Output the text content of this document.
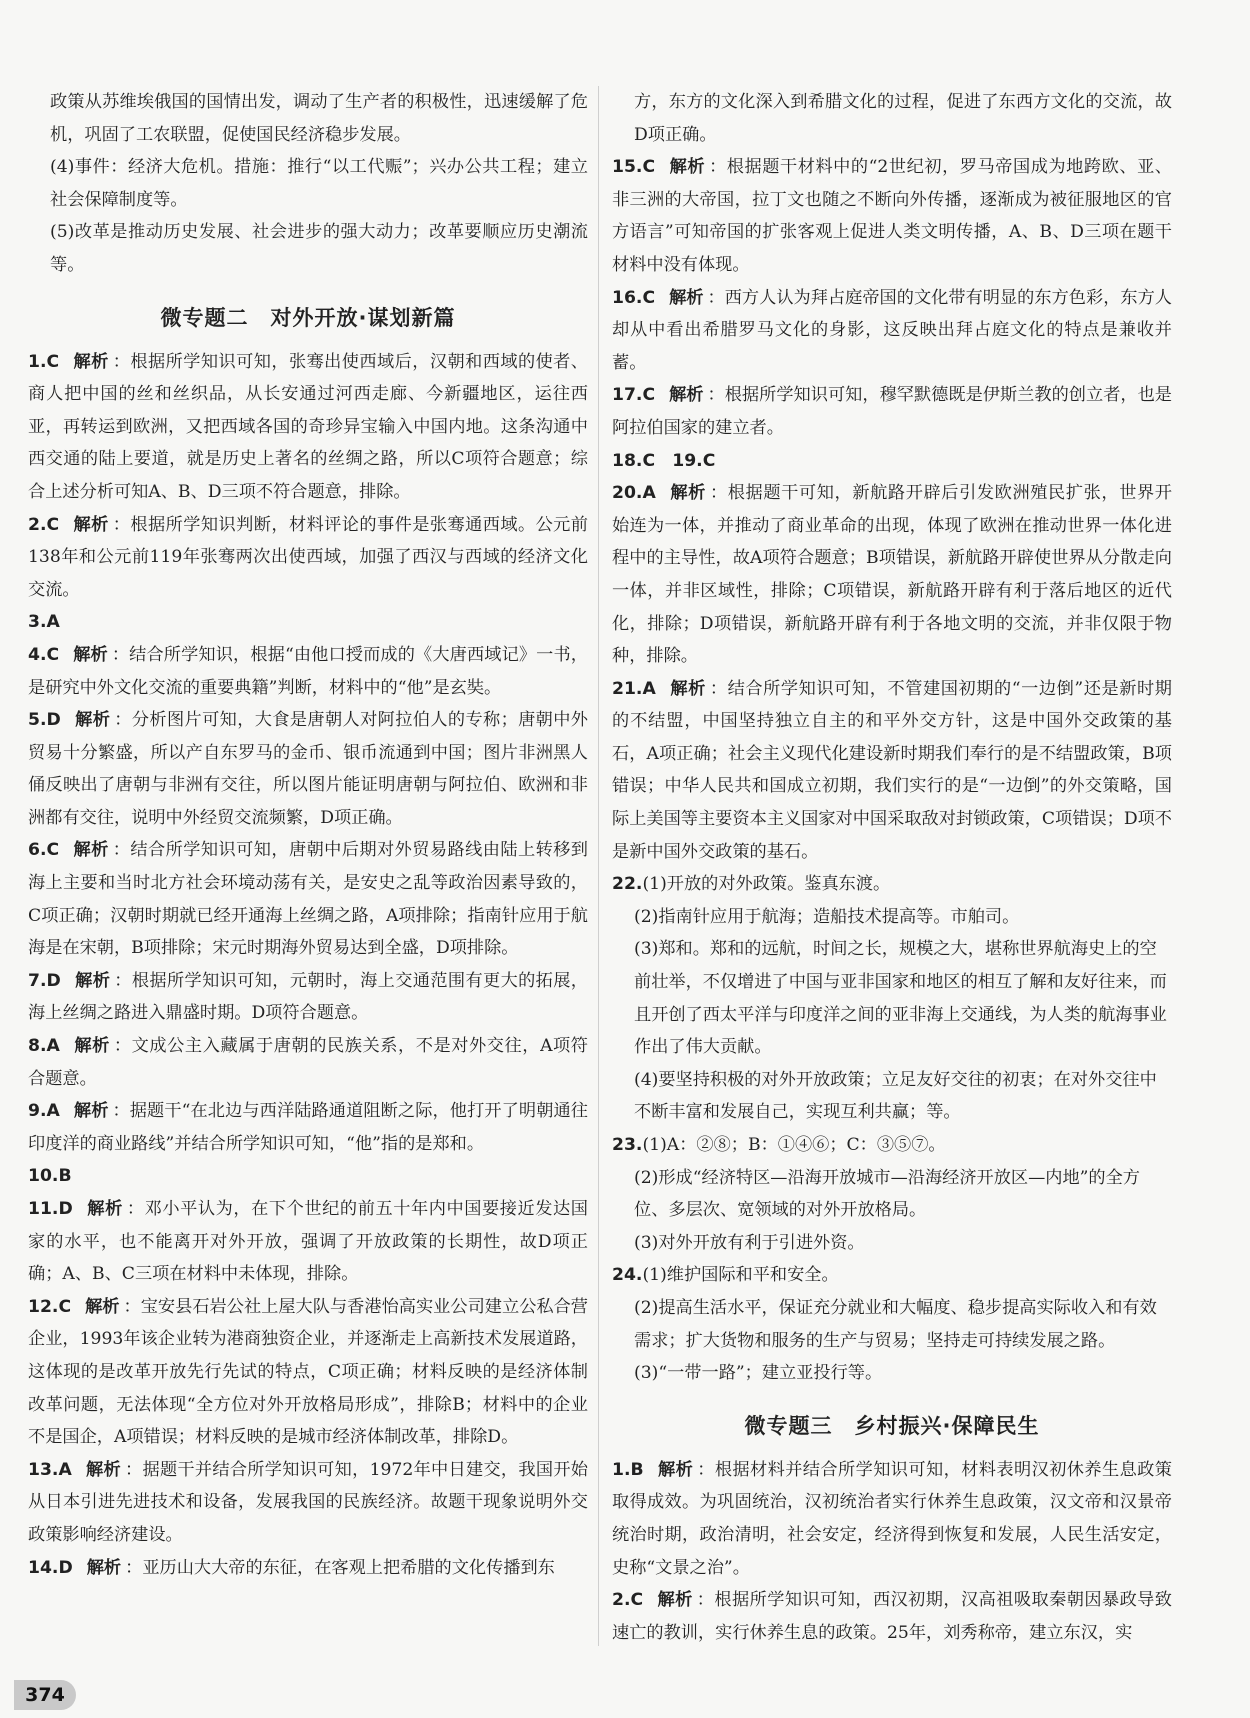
政策从苏维埃俄国的国情出发，调动了生产者的积极性，迅速缓解了危机，巩固了工农联盟，促使国民经济稳步发展。
(4)事件：经济大危机。措施：推行“以工代赈”；兴办公共工程；建立社会保障制度等。
(5)改革是推动历史发展、社会进步的强大动力；改革要顺应历史潮流等。
微专题二　对外开放·谋划新篇
1.C 解析 ：根据所学知识可知，张骞出使西域后，汉朝和西域的使者、商人把中国的丝和丝织品，从长安通过河西走廊、今新疆地区，运往西亚，再转运到欧洲，又把西域各国的奇珍异宝输入中国内地。这条沟通中西交通的陆上要道，就是历史上著名的丝绸之路，所以C项符合题意；综合上述分析可知A、B、D三项不符合题意，排除。
2.C 解析 ：根据所学知识判断，材料评论的事件是张骞通西域。公元前138年和公元前119年张骞两次出使西域，加强了西汉与西域的经济文化交流。
3.A
4.C 解析 ：结合所学知识，根据“由他口授而成的《大唐西域记》一书，是研究中外文化交流的重要典籍”判断，材料中的“他”是玄奘。
5.D 解析 ：分析图片可知，大食是唐朝人对阿拉伯人的专称；唐朝中外贸易十分繁盛，所以产自东罗马的金币、银币流通到中国；图片非洲黑人俑反映出了唐朝与非洲有交往，所以图片能证明唐朝与阿拉伯、欧洲和非洲都有交往，说明中外经贸交流频繁，D项正确。
6.C 解析 ：结合所学知识可知，唐朝中后期对外贸易路线由陆上转移到海上主要和当时北方社会环境动荡有关，是安史之乱等政治因素导致的，C项正确；汉朝时期就已经开通海上丝绸之路，A项排除；指南针应用于航海是在宋朝，B项排除；宋元时期海外贸易达到全盛，D项排除。
7.D 解析 ：根据所学知识可知，元朝时，海上交通范围有更大的拓展，海上丝绸之路进入鼎盛时期。D项符合题意。
8.A 解析 ：文成公主入藏属于唐朝的民族关系，不是对外交往，A项符合题意。
9.A 解析 ：据题干“在北边与西洋陆路通道阻断之际，他打开了明朝通往印度洋的商业路线”并结合所学知识可知，“他”指的是郑和。
10.B
11.D 解析 ：邓小平认为，在下个世纪的前五十年内中国要接近发达国家的水平，也不能离开对外开放，强调了开放政策的长期性，故D项正确；A、B、C三项在材料中未体现，排除。
12.C 解析 ：宝安县石岩公社上屋大队与香港怡高实业公司建立公私合营企业，1993年该企业转为港商独资企业，并逐渐走上高新技术发展道路，这体现的是改革开放先行先试的特点，C项正确；材料反映的是经济体制改革问题，无法体现“全方位对外开放格局形成”，排除B；材料中的企业不是国企，A项错误；材料反映的是城市经济体制改革，排除D。
13.A 解析 ：据题干并结合所学知识可知，1972年中日建交，我国开始从日本引进先进技术和设备，发展我国的民族经济。故题干现象说明外交政策影响经济建设。
14.D 解析 ：亚历山大大帝的东征，在客观上把希腊的文化传播到东
方，东方的文化深入到希腊文化的过程，促进了东西方文化的交流，故D项正确。
15.C 解析 ：根据题干材料中的“2世纪初，罗马帝国成为地跨欧、亚、非三洲的大帝国，拉丁文也随之不断向外传播，逐渐成为被征服地区的官方语言”可知帝国的扩张客观上促进人类文明传播，A、B、D三项在题干材料中没有体现。
16.C 解析 ：西方人认为拜占庭帝国的文化带有明显的东方色彩，东方人却从中看出希腊罗马文化的身影，这反映出拜占庭文化的特点是兼收并蓄。
17.C 解析 ：根据所学知识可知，穆罕默德既是伊斯兰教的创立者，也是阿拉伯国家的建立者。
18.C　19.C
20.A 解析 ：根据题干可知，新航路开辟后引发欧洲殖民扩张，世界开始连为一体，并推动了商业革命的出现，体现了欧洲在推动世界一体化进程中的主导性，故A项符合题意；B项错误，新航路开辟使世界从分散走向一体，并非区域性，排除；C项错误，新航路开辟有利于落后地区的近代化，排除；D项错误，新航路开辟有利于各地文明的交流，并非仅限于物种，排除。
21.A 解析 ：结合所学知识可知，不管建国初期的“一边倒”还是新时期的不结盟，中国坚持独立自主的和平外交方针，这是中国外交政策的基石，A项正确；社会主义现代化建设新时期我们奉行的是不结盟政策，B项错误；中华人民共和国成立初期，我们实行的是“一边倒”的外交策略，国际上美国等主要资本主义国家对中国采取敌对封锁政策，C项错误；D项不是新中国外交政策的基石。
22.(1)开放的对外政策。鉴真东渡。
(2)指南针应用于航海；造船技术提高等。市舶司。
(3)郑和。郑和的远航，时间之长，规模之大，堪称世界航海史上的空前壮举，不仅增进了中国与亚非国家和地区的相互了解和友好往来，而且开创了西太平洋与印度洋之间的亚非海上交通线，为人类的航海事业作出了伟大贡献。
(4)要坚持积极的对外开放政策；立足友好交往的初衷；在对外交往中不断丰富和发展自己，实现互利共赢；等。
23.(1)A：②⑧；B：①④⑥；C：③⑤⑦。
(2)形成“经济特区—沿海开放城市—沿海经济开放区—内地”的全方位、多层次、宽领域的对外开放格局。
(3)对外开放有利于引进外资。
24.(1)维护国际和平和安全。
(2)提高生活水平，保证充分就业和大幅度、稳步提高实际收入和有效需求；扩大货物和服务的生产与贸易；坚持走可持续发展之路。
(3)“一带一路”；建立亚投行等。
微专题三　乡村振兴·保障民生
1.B 解析 ：根据材料并结合所学知识可知，材料表明汉初休养生息政策取得成效。为巩固统治，汉初统治者实行休养生息政策，汉文帝和汉景帝统治时期，政治清明，社会安定，经济得到恢复和发展，人民生活安定，史称“文景之治”。
2.C 解析 ：根据所学知识可知，西汉初期，汉高祖吸取秦朝因暴政导致速亡的教训，实行休养生息的政策。25年，刘秀称帝，建立东汉，实
374
